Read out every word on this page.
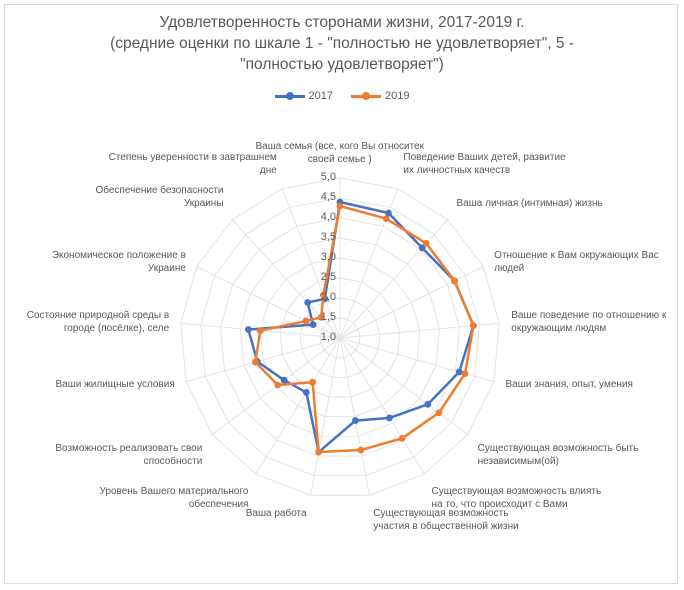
Удовлетворенность сторонами жизни, 2017-2019 г.
(средние оценки по шкале 1 - "полностью не удовлетворяет", 5 -
"полностью удовлетворяет")
2017	2019
Ваша семья (все, кого Вы относитек
своей семье )	Поведение Ваших детей, развитие
их личностных качеств
Ваша личная (интимная) жизнь
Отношение к Вам окружающих Вас
людей
Ваше поведение по отношению к
окружающим людям
Ваши знания, опыт, умения
Существующая возможность быть
независимым(ой)
Существующая возможность влиять
на то, что происходит с Вами
Существующая возможность
участия в общественной жизни
Ваша работа
Уровень Вашего материального
обеспечения
Возможность реализовать свои
способности
Ваши жилищные условия
Состояние природной среды в
городе (посёлке), селе
Экономическое положение в
Украине
Обеспечение безопасности
Украины
Степень уверенности в завтрашнем
дне
1,0
1,5
2,0
2,5
3,0
3,5
4,0
4,5
5,0
